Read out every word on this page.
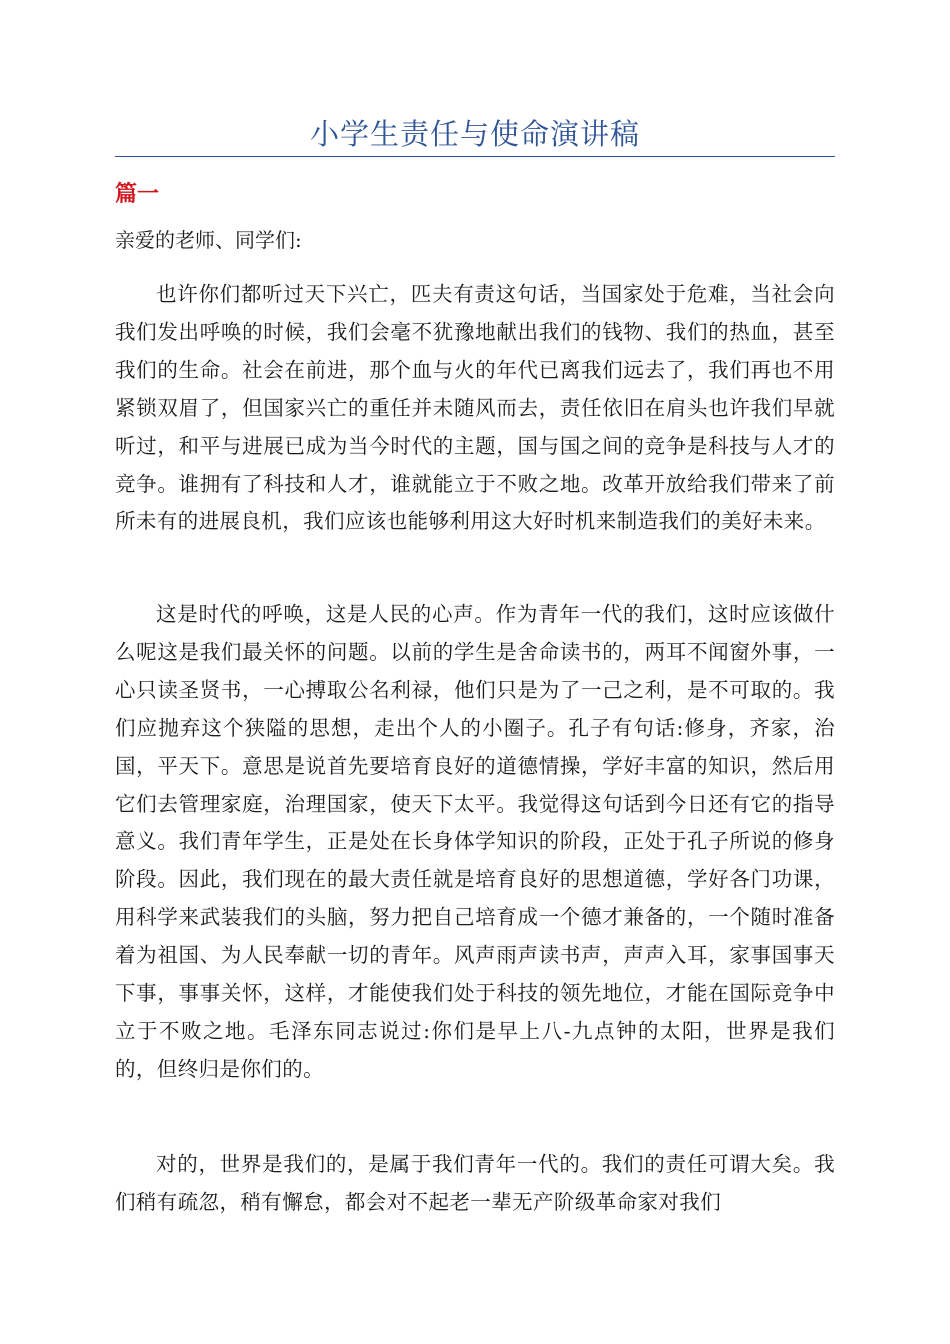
小学生责任与使命演讲稿
篇一
亲爱的老师、同学们:

也许你们都听过天下兴亡，匹夫有责这句话，当国家处于危难，当社会向我们发出呼唤的时候，我们会毫不犹豫地献出我们的钱物、我们的热血，甚至我们的生命。社会在前进，那个血与火的年代已离我们远去了，我们再也不用紧锁双眉了，但国家兴亡的重任并未随风而去，责任依旧在肩头也许我们早就听过，和平与进展已成为当今时代的主题，国与国之间的竞争是科技与人才的竞争。谁拥有了科技和人才，谁就能立于不败之地。改革开放给我们带来了前所未有的进展良机，我们应该也能够利用这大好时机来制造我们的美好未来。

这是时代的呼唤，这是人民的心声。作为青年一代的我们，这时应该做什么呢这是我们最关怀的问题。以前的学生是舍命读书的，两耳不闻窗外事，一心只读圣贤书，一心搏取公名利禄，他们只是为了一己之利，是不可取的。我们应抛弃这个狭隘的思想，走出个人的小圈子。孔子有句话:修身，齐家，治国，平天下。意思是说首先要培育良好的道德情操，学好丰富的知识，然后用它们去管理家庭，治理国家，使天下太平。我觉得这句话到今日还有它的指导意义。我们青年学生，正是处在长身体学知识的阶段，正处于孔子所说的修身阶段。因此，我们现在的最大责任就是培育良好的思想道德，学好各门功课，用科学来武装我们的头脑，努力把自己培育成一个德才兼备的，一个随时准备着为祖国、为人民奉献一切的青年。风声雨声读书声，声声入耳，家事国事天下事，事事关怀，这样，才能使我们处于科技的领先地位，才能在国际竞争中立于不败之地。毛泽东同志说过:你们是早上八-九点钟的太阳，世界是我们的，但终归是你们的。

对的，世界是我们的，是属于我们青年一代的。我们的责任可谓大矣。我们稍有疏忽，稍有懈怠，都会对不起老一辈无产阶级革命家对我们
